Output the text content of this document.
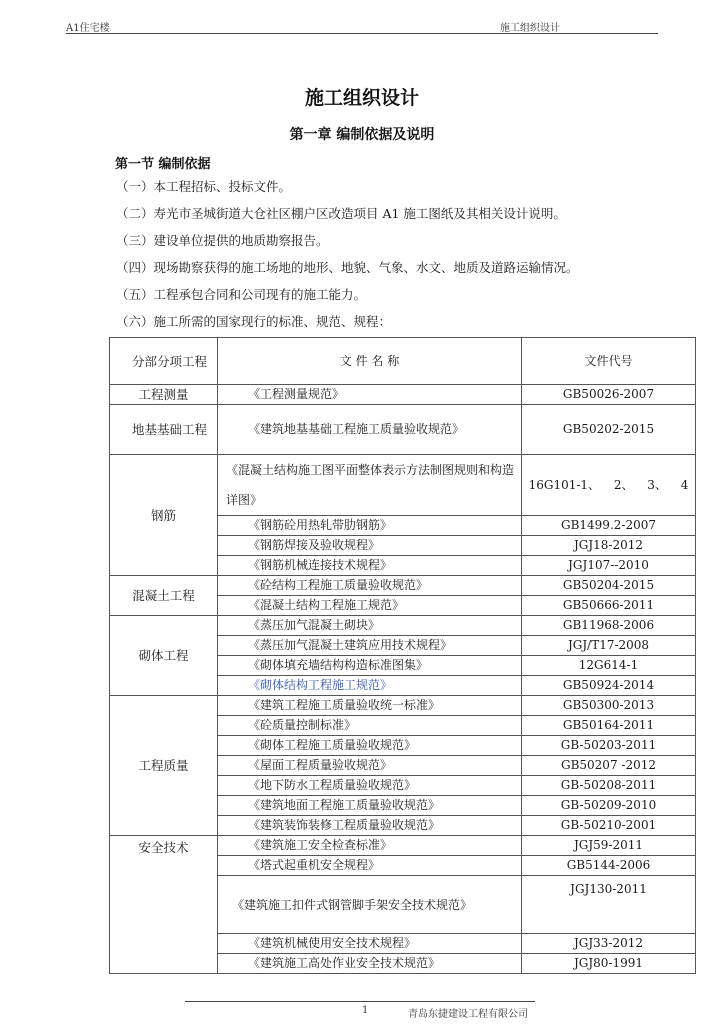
A1住宅楼	施工组织设计
施工组织设计
第一章 编制依据及说明
第一节 编制依据
（一）本工程招标、投标文件。
（二）寿光市圣城街道大仓社区棚户区改造项目 A1 施工图纸及其相关设计说明。
（三）建设单位提供的地质勘察报告。
（四）现场勘察获得的施工场地的地形、地貌、气象、水文、地质及道路运输情况。
（五）工程承包合同和公司现有的施工能力。
（六）施工所需的国家现行的标准、规范、规程：
分部分项工程	文 件 名 称	文件代号
工程测量	《工程测量规范》	GB50026-2007
地基基础工程	《建筑地基基础工程施工质量验收规范》	GB50202-2015
钢筋	《混凝土结构施工图平面整体表示方法制图规则和构造详图》	16G101-1、 2、 3、 4
	《钢筋砼用热轧带肋钢筋》	GB1499.2-2007
	《钢筋焊接及验收规程》	JGJ18-2012
	《钢筋机械连接技术规程》	JGJ107--2010
混凝土工程	《砼结构工程施工质量验收规范》	GB50204-2015
	《混凝土结构工程施工规范》	GB50666-2011
砌体工程	《蒸压加气混凝土砌块》	GB11968-2006
	《蒸压加气混凝土建筑应用技术规程》	JGJ/T17-2008
	《砌体填充墙结构构造标准图集》	12G614-1
	《砌体结构工程施工规范》	GB50924-2014
工程质量	《建筑工程施工质量验收统一标准》	GB50300-2013
	《砼质量控制标准》	GB50164-2011
	《砌体工程施工质量验收规范》	GB-50203-2011
	《屋面工程质量验收规范》	GB50207 -2012
	《地下防水工程质量验收规范》	GB-50208-2011
	《建筑地面工程施工质量验收规范》	GB-50209-2010
	《建筑装饰装修工程质量验收规范》	GB-50210-2001
安全技术	《建筑施工安全检查标准》	JGJ59-2011
	《塔式起重机安全规程》	GB5144-2006
	《建筑施工扣件式钢管脚手架安全技术规范》	JGJ130-2011
	《建筑机械使用安全技术规程》	JGJ33-2012
	《建筑施工高处作业安全技术规范》	JGJ80-1991
1	青岛东捷建设工程有限公司
